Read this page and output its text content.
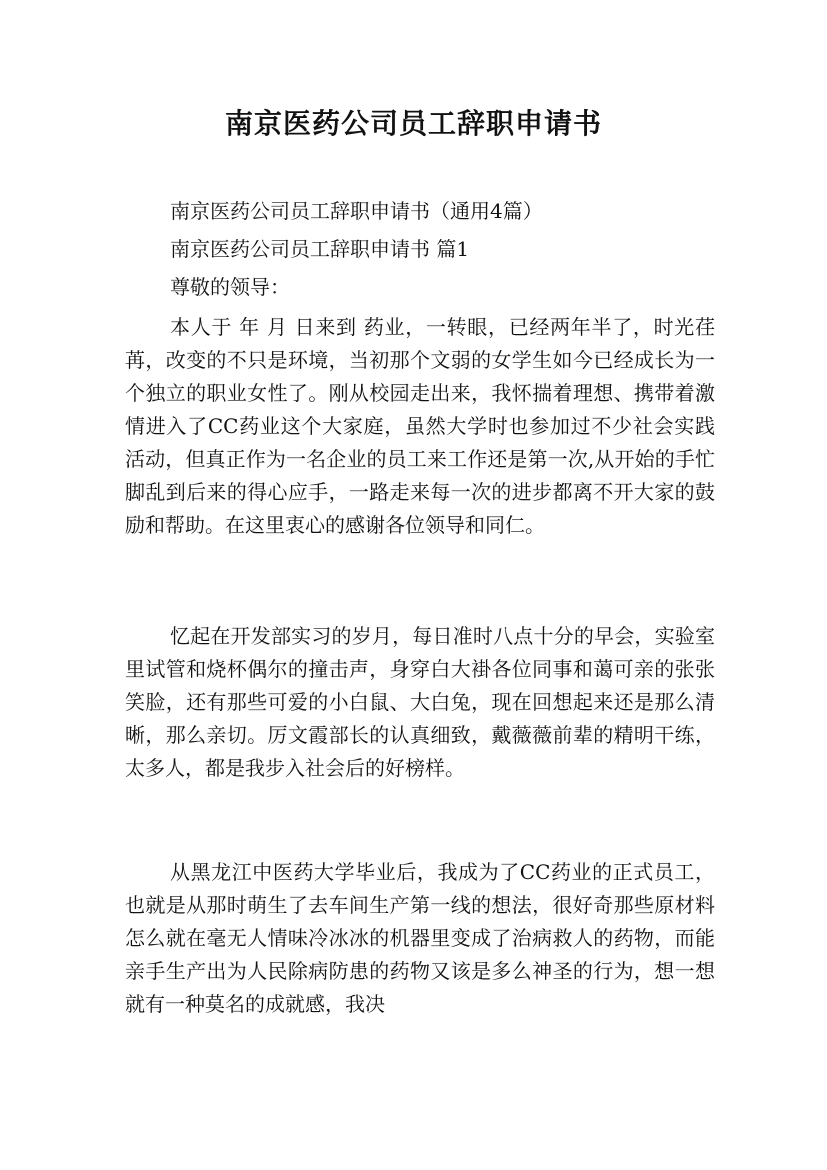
南京医药公司员工辞职申请书
南京医药公司员工辞职申请书（通用4篇）
南京医药公司员工辞职申请书 篇1
尊敬的领导：

本人于 年 月 日来到 药业，一转眼，已经两年半了，时光荏苒，改变的不只是环境，当初那个文弱的女学生如今已经成长为一个独立的职业女性了。刚从校园走出来，我怀揣着理想、携带着激情进入了CC药业这个大家庭，虽然大学时也参加过不少社会实践活动，但真正作为一名企业的员工来工作还是第一次,从开始的手忙脚乱到后来的得心应手，一路走来每一次的进步都离不开大家的鼓励和帮助。在这里衷心的感谢各位领导和同仁。

忆起在开发部实习的岁月，每日准时八点十分的早会，实验室里试管和烧杯偶尔的撞击声，身穿白大褂各位同事和蔼可亲的张张笑脸，还有那些可爱的小白鼠、大白兔，现在回想起来还是那么清晰，那么亲切。厉文霞部长的认真细致，戴薇薇前辈的精明干练，太多人，都是我步入社会后的好榜样。

从黑龙江中医药大学毕业后，我成为了CC药业的正式员工，也就是从那时萌生了去车间生产第一线的想法，很好奇那些原材料怎么就在毫无人情味冷冰冰的机器里变成了治病救人的药物，而能亲手生产出为人民除病防患的药物又该是多么神圣的行为，想一想就有一种莫名的成就感，我决
